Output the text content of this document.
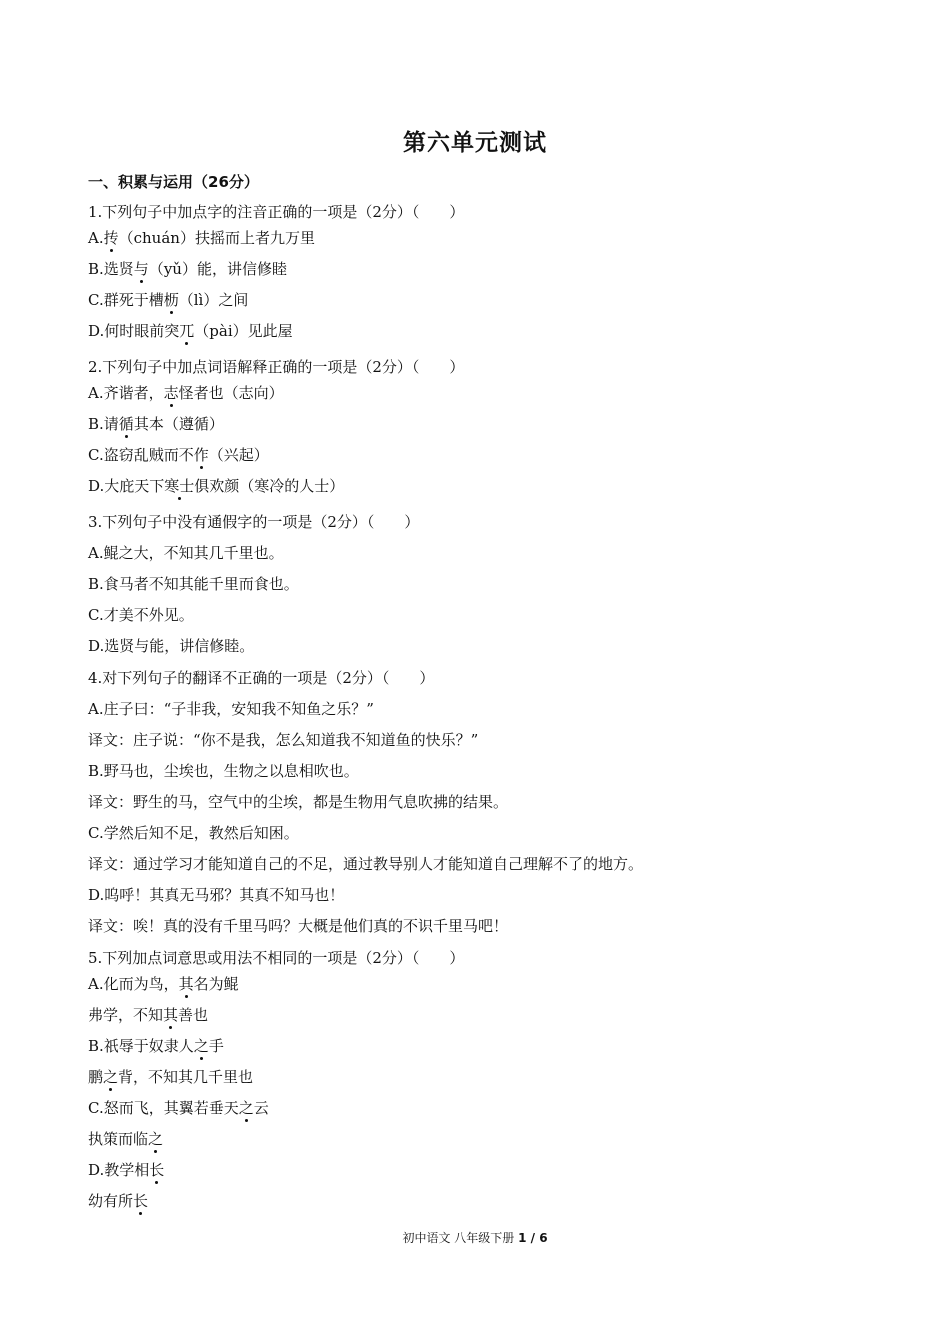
第六单元测试
一、积累与运用（26分）
1.下列句子中加点字的注音正确的一项是（2分）（　　）
A.抟（chuán）扶摇而上者九万里
B.选贤与（yǔ）能，讲信修睦
C.群死于槽枥（lì）之间
D.何时眼前突兀（pài）见此屋
2.下列句子中加点词语解释正确的一项是（2分）（　　）
A.齐谐者，志怪者也（志向）
B.请循其本（遵循）
C.盗窃乱贼而不作（兴起）
D.大庇天下寒士俱欢颜（寒冷的人士）
3.下列句子中没有通假字的一项是（2分）（　　）
A.鲲之大，不知其几千里也。
B.食马者不知其能千里而食也。
C.才美不外见。
D.选贤与能，讲信修睦。
4.对下列句子的翻译不正确的一项是（2分）（　　）
A.庄子曰：“子非我，安知我不知鱼之乐？”
译文：庄子说：“你不是我，怎么知道我不知道鱼的快乐？”
B.野马也，尘埃也，生物之以息相吹也。
译文：野生的马，空气中的尘埃，都是生物用气息吹拂的结果。
C.学然后知不足，教然后知困。
译文：通过学习才能知道自己的不足，通过教导别人才能知道自己理解不了的地方。
D.呜呼！其真无马邪？其真不知马也！
译文：唉！真的没有千里马吗？大概是他们真的不识千里马吧！
5.下列加点词意思或用法不相同的一项是（2分）（　　）
A.化而为鸟，其名为鲲
弗学，不知其善也
B.祇辱于奴隶人之手
鹏之背，不知其几千里也
C.怒而飞，其翼若垂天之云
执策而临之
D.教学相长
幼有所长
初中语文 八年级下册 1 / 6
